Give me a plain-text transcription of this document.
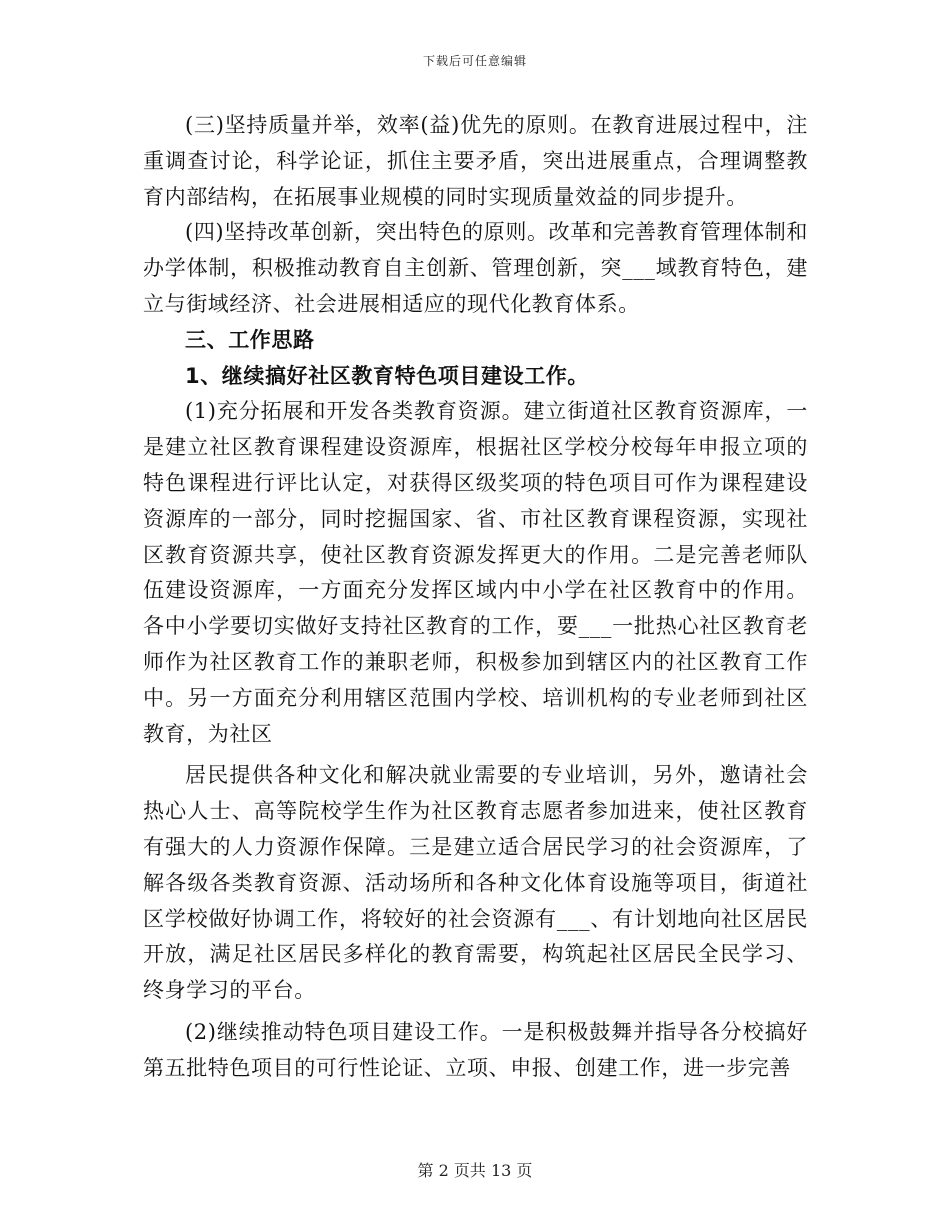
下载后可任意编辑

(三)坚持质量并举，效率(益)优先的原则。在教育进展过程中，注重调查讨论，科学论证，抓住主要矛盾，突出进展重点，合理调整教育内部结构，在拓展事业规模的同时实现质量效益的同步提升。

(四)坚持改革创新，突出特色的原则。改革和完善教育管理体制和办学体制，积极推动教育自主创新、管理创新，突___域教育特色，建立与街域经济、社会进展相适应的现代化教育体系。

三、工作思路

1、继续搞好社区教育特色项目建设工作。

(1)充分拓展和开发各类教育资源。建立街道社区教育资源库，一是建立社区教育课程建设资源库，根据社区学校分校每年申报立项的特色课程进行评比认定，对获得区级奖项的特色项目可作为课程建设资源库的一部分，同时挖掘国家、省、市社区教育课程资源，实现社区教育资源共享，使社区教育资源发挥更大的作用。二是完善老师队伍建设资源库，一方面充分发挥区域内中小学在社区教育中的作用。各中小学要切实做好支持社区教育的工作，要___一批热心社区教育老师作为社区教育工作的兼职老师，积极参加到辖区内的社区教育工作中。另一方面充分利用辖区范围内学校、培训机构的专业老师到社区教育，为社区

居民提供各种文化和解决就业需要的专业培训，另外，邀请社会热心人士、高等院校学生作为社区教育志愿者参加进来，使社区教育有强大的人力资源作保障。三是建立适合居民学习的社会资源库，了解各级各类教育资源、活动场所和各种文化体育设施等项目，街道社区学校做好协调工作，将较好的社会资源有___、有计划地向社区居民开放，满足社区居民多样化的教育需要，构筑起社区居民全民学习、终身学习的平台。

(2)继续推动特色项目建设工作。一是积极鼓舞并指导各分校搞好第五批特色项目的可行性论证、立项、申报、创建工作，进一步完善

第 2 页共 13 页
